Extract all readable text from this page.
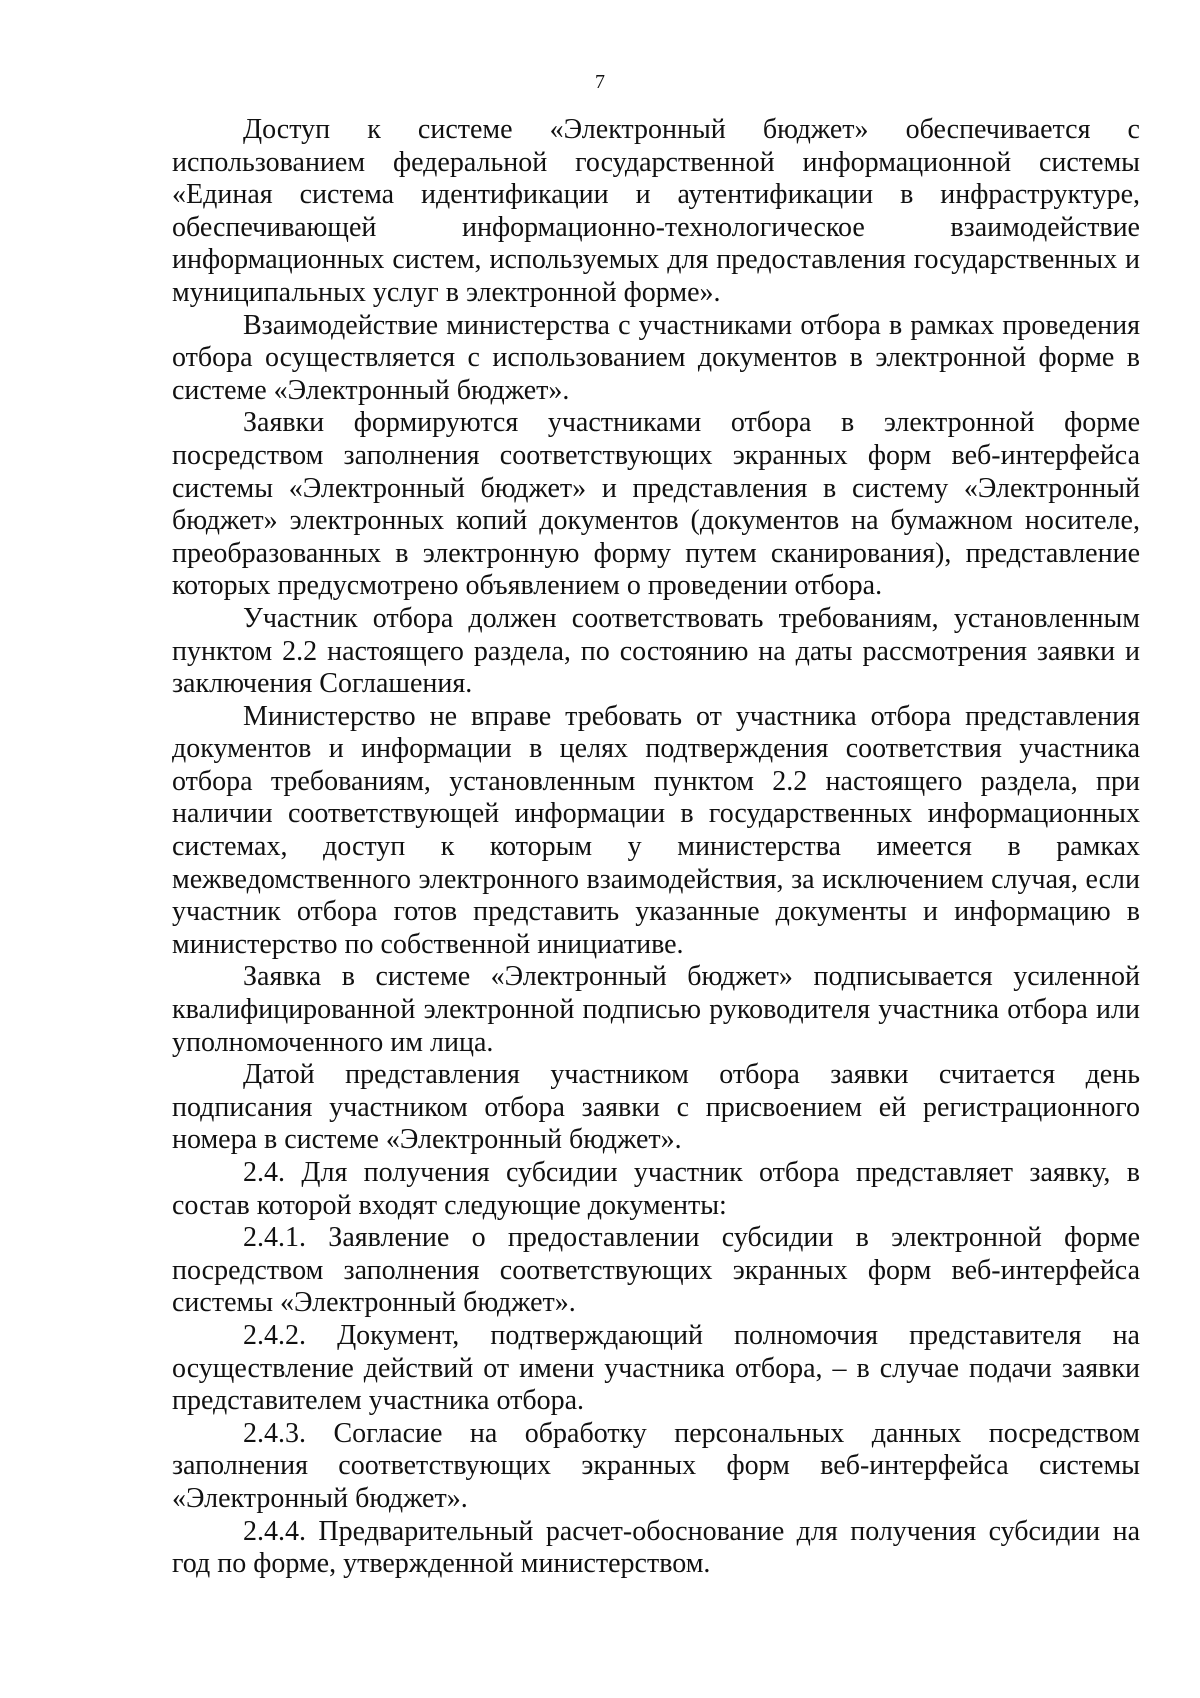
7

Доступ к системе «Электронный бюджет» обеспечивается с использованием федеральной государственной информационной системы «Единая система идентификации и аутентификации в инфраструктуре, обеспечивающей информационно-технологическое взаимодействие информационных систем, используемых для предоставления государственных и муниципальных услуг в электронной форме».

Взаимодействие министерства с участниками отбора в рамках проведения отбора осуществляется с использованием документов в электронной форме в системе «Электронный бюджет».

Заявки формируются участниками отбора в электронной форме посредством заполнения соответствующих экранных форм веб-интерфейса системы «Электронный бюджет» и представления в систему «Электронный бюджет» электронных копий документов (документов на бумажном носителе, преобразованных в электронную форму путем сканирования), представление которых предусмотрено объявлением о проведении отбора.

Участник отбора должен соответствовать требованиям, установленным пунктом 2.2 настоящего раздела, по состоянию на даты рассмотрения заявки и заключения Соглашения.

Министерство не вправе требовать от участника отбора представления документов и информации в целях подтверждения соответствия участника отбора требованиям, установленным пунктом 2.2 настоящего раздела, при наличии соответствующей информации в государственных информационных системах, доступ к которым у министерства имеется в рамках межведомственного электронного взаимодействия, за исключением случая, если участник отбора готов представить указанные документы и информацию в министерство по собственной инициативе.

Заявка в системе «Электронный бюджет» подписывается усиленной квалифицированной электронной подписью руководителя участника отбора или уполномоченного им лица.

Датой представления участником отбора заявки считается день подписания участником отбора заявки с присвоением ей регистрационного номера в системе «Электронный бюджет».

2.4. Для получения субсидии участник отбора представляет заявку, в состав которой входят следующие документы:

2.4.1. Заявление о предоставлении субсидии в электронной форме посредством заполнения соответствующих экранных форм веб-интерфейса системы «Электронный бюджет».

2.4.2. Документ, подтверждающий полномочия представителя на осуществление действий от имени участника отбора, – в случае подачи заявки представителем участника отбора.

2.4.3. Согласие на обработку персональных данных посредством заполнения соответствующих экранных форм веб-интерфейса системы «Электронный бюджет».

2.4.4. Предварительный расчет-обоснование для получения субсидии на год по форме, утвержденной министерством.
